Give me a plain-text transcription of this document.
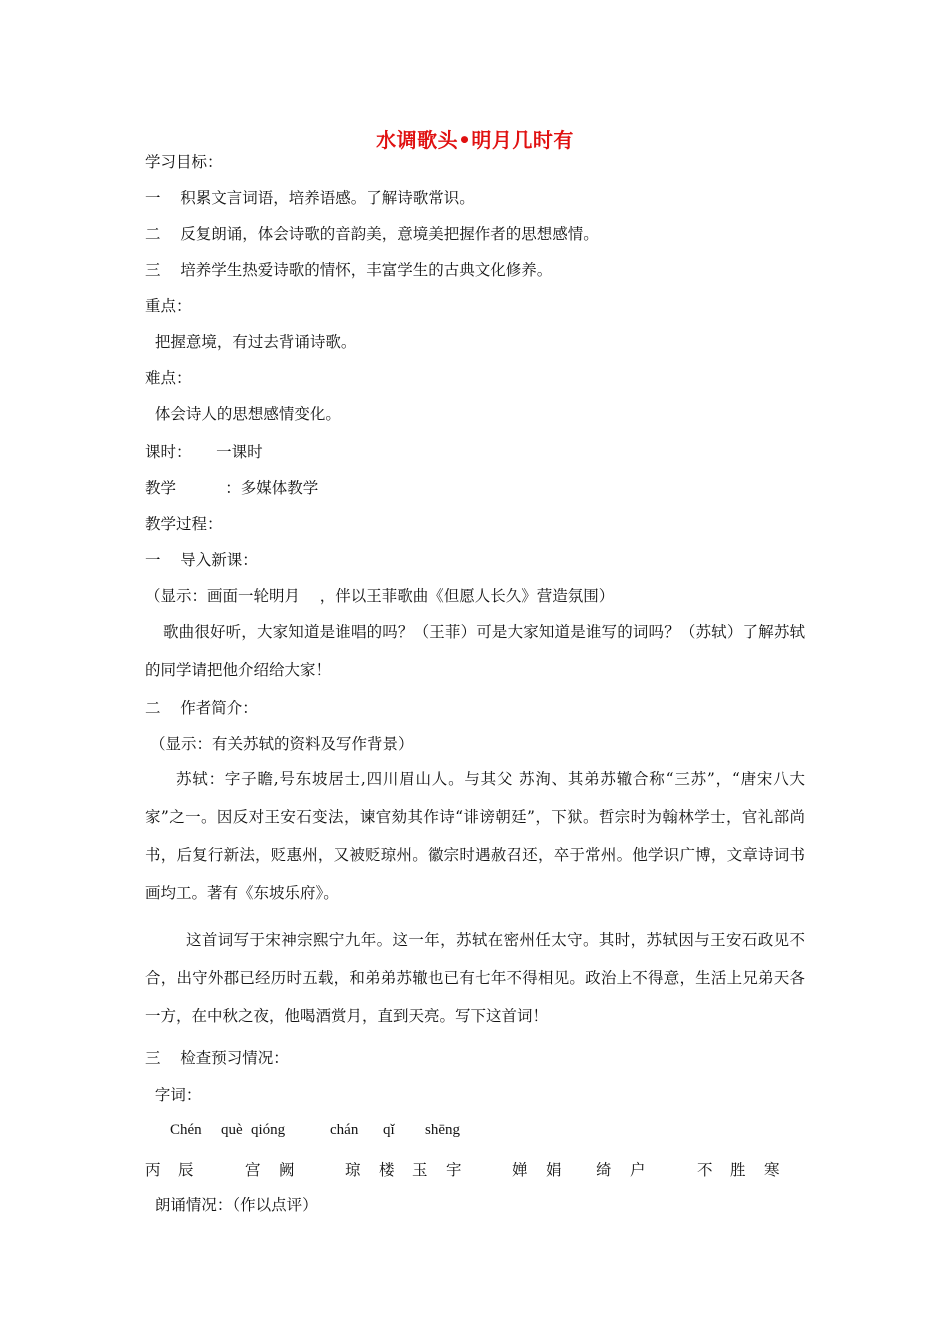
水调歌头•明月几时有
学习目标：
一    积累文言词语，培养语感。了解诗歌常识。
二    反复朗诵，体会诗歌的音韵美，意境美把握作者的思想感情。
三    培养学生热爱诗歌的情怀，丰富学生的古典文化修养。
重点：
把握意境，有过去背诵诗歌。
难点：
体会诗人的思想感情变化。
课时：     一课时
教学          ：多媒体教学
教学过程：
一    导入新课：
（显示：画面一轮明月    ，伴以王菲歌曲《但愿人长久》营造氛围）
歌曲很好听，大家知道是谁唱的吗？（王菲）可是大家知道是谁写的词吗？（苏轼）了解苏轼的同学请把他介绍给大家！
二    作者简介：
（显示：有关苏轼的资料及写作背景）
苏轼：字子瞻,号东坡居士,四川眉山人。与其父 苏洵、其弟苏辙合称“三苏”，“唐宋八大家”之一。因反对王安石变法，谏官劾其作诗“诽谤朝廷”，下狱。哲宗时为翰林学士，官礼部尚书，后复行新法，贬惠州，又被贬琼州。徽宗时遇赦召还，卒于常州。他学识广博，文章诗词书画均工。著有《东坡乐府》。
这首词写于宋神宗熙宁九年。这一年，苏轼在密州任太守。其时，苏轼因与王安石政见不合，出守外郡已经历时五载，和弟弟苏辙也已有七年不得相见。政治上不得意，生活上兄弟天各一方，在中秋之夜，他喝酒赏月，直到天亮。写下这首词！
三    检查预习情况：
字词：
Chén què qióng	chán qǐ shēng
丙 辰	宫 阙	琼 楼 玉 宇	婵 娟 绮 户	不 胜 寒
朗诵情况：（作以点评）
